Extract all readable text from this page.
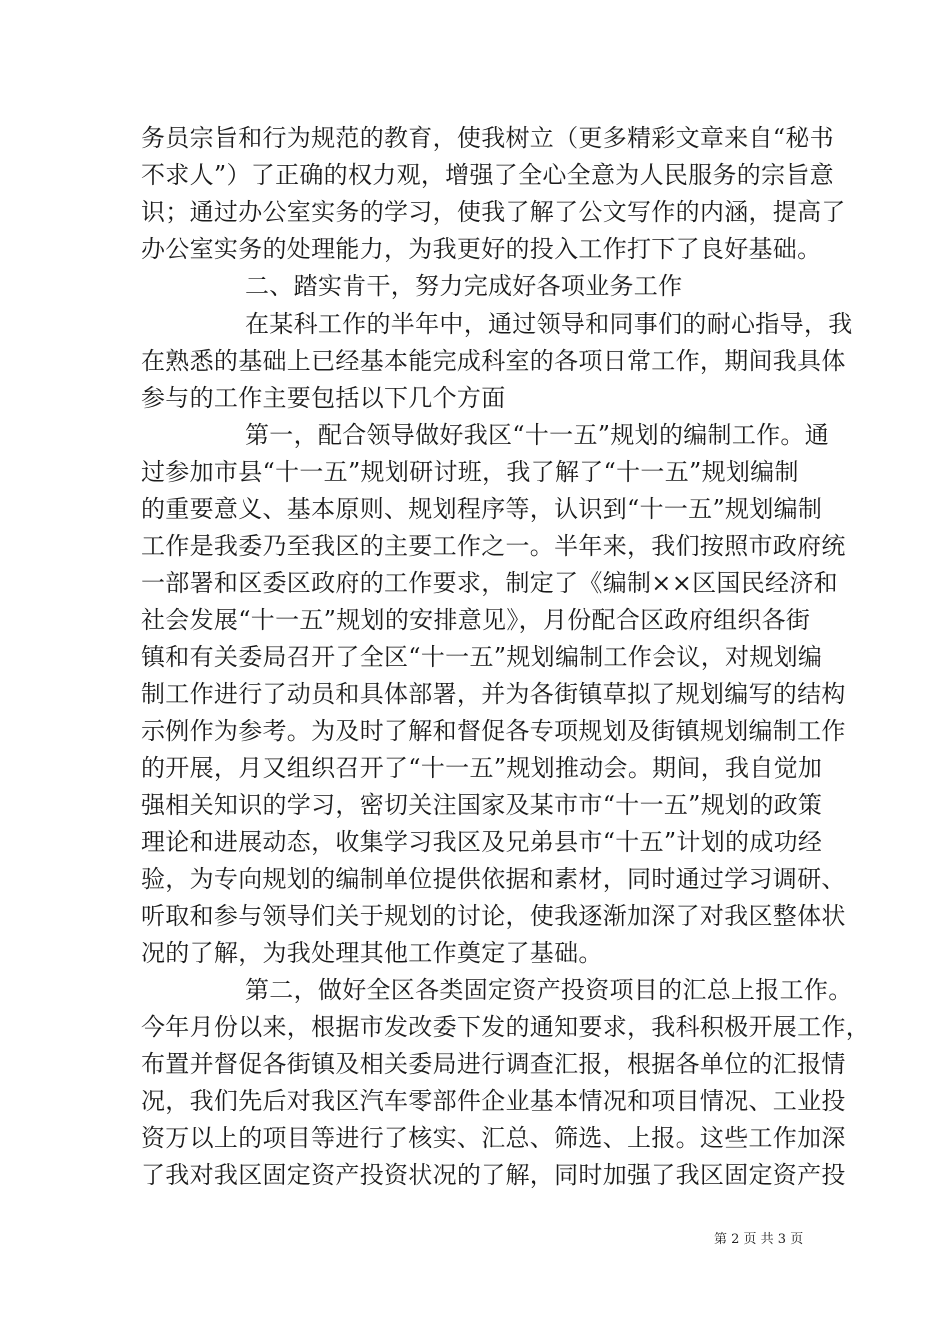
务员宗旨和行为规范的教育，使我树立（更多精彩文章来自“秘书
不求人”）了正确的权力观，增强了全心全意为人民服务的宗旨意
识；通过办公室实务的学习，使我了解了公文写作的内涵，提高了
办公室实务的处理能力，为我更好的投入工作打下了良好基础。
二、踏实肯干，努力完成好各项业务工作
在某科工作的半年中，通过领导和同事们的耐心指导，我
在熟悉的基础上已经基本能完成科室的各项日常工作，期间我具体
参与的工作主要包括以下几个方面
第一，配合领导做好我区“十一五”规划的编制工作。通
过参加市县“十一五”规划研讨班，我了解了“十一五”规划编制
的重要意义、基本原则、规划程序等，认识到“十一五”规划编制
工作是我委乃至我区的主要工作之一。半年来，我们按照市政府统
一部署和区委区政府的工作要求，制定了《编制××区国民经济和
社会发展“十一五”规划的安排意见》，月份配合区政府组织各街
镇和有关委局召开了全区“十一五”规划编制工作会议，对规划编
制工作进行了动员和具体部署，并为各街镇草拟了规划编写的结构
示例作为参考。为及时了解和督促各专项规划及街镇规划编制工作
的开展，月又组织召开了“十一五”规划推动会。期间，我自觉加
强相关知识的学习，密切关注国家及某市市“十一五”规划的政策
理论和进展动态，收集学习我区及兄弟县市“十五”计划的成功经
验，为专向规划的编制单位提供依据和素材，同时通过学习调研、
听取和参与领导们关于规划的讨论，使我逐渐加深了对我区整体状
况的了解，为我处理其他工作奠定了基础。
第二，做好全区各类固定资产投资项目的汇总上报工作。
今年月份以来，根据市发改委下发的通知要求，我科积极开展工作，
布置并督促各街镇及相关委局进行调查汇报，根据各单位的汇报情
况，我们先后对我区汽车零部件企业基本情况和项目情况、工业投
资万以上的项目等进行了核实、汇总、筛选、上报。这些工作加深
了我对我区固定资产投资状况的了解，同时加强了我区固定资产投
第 2 页 共 3 页
